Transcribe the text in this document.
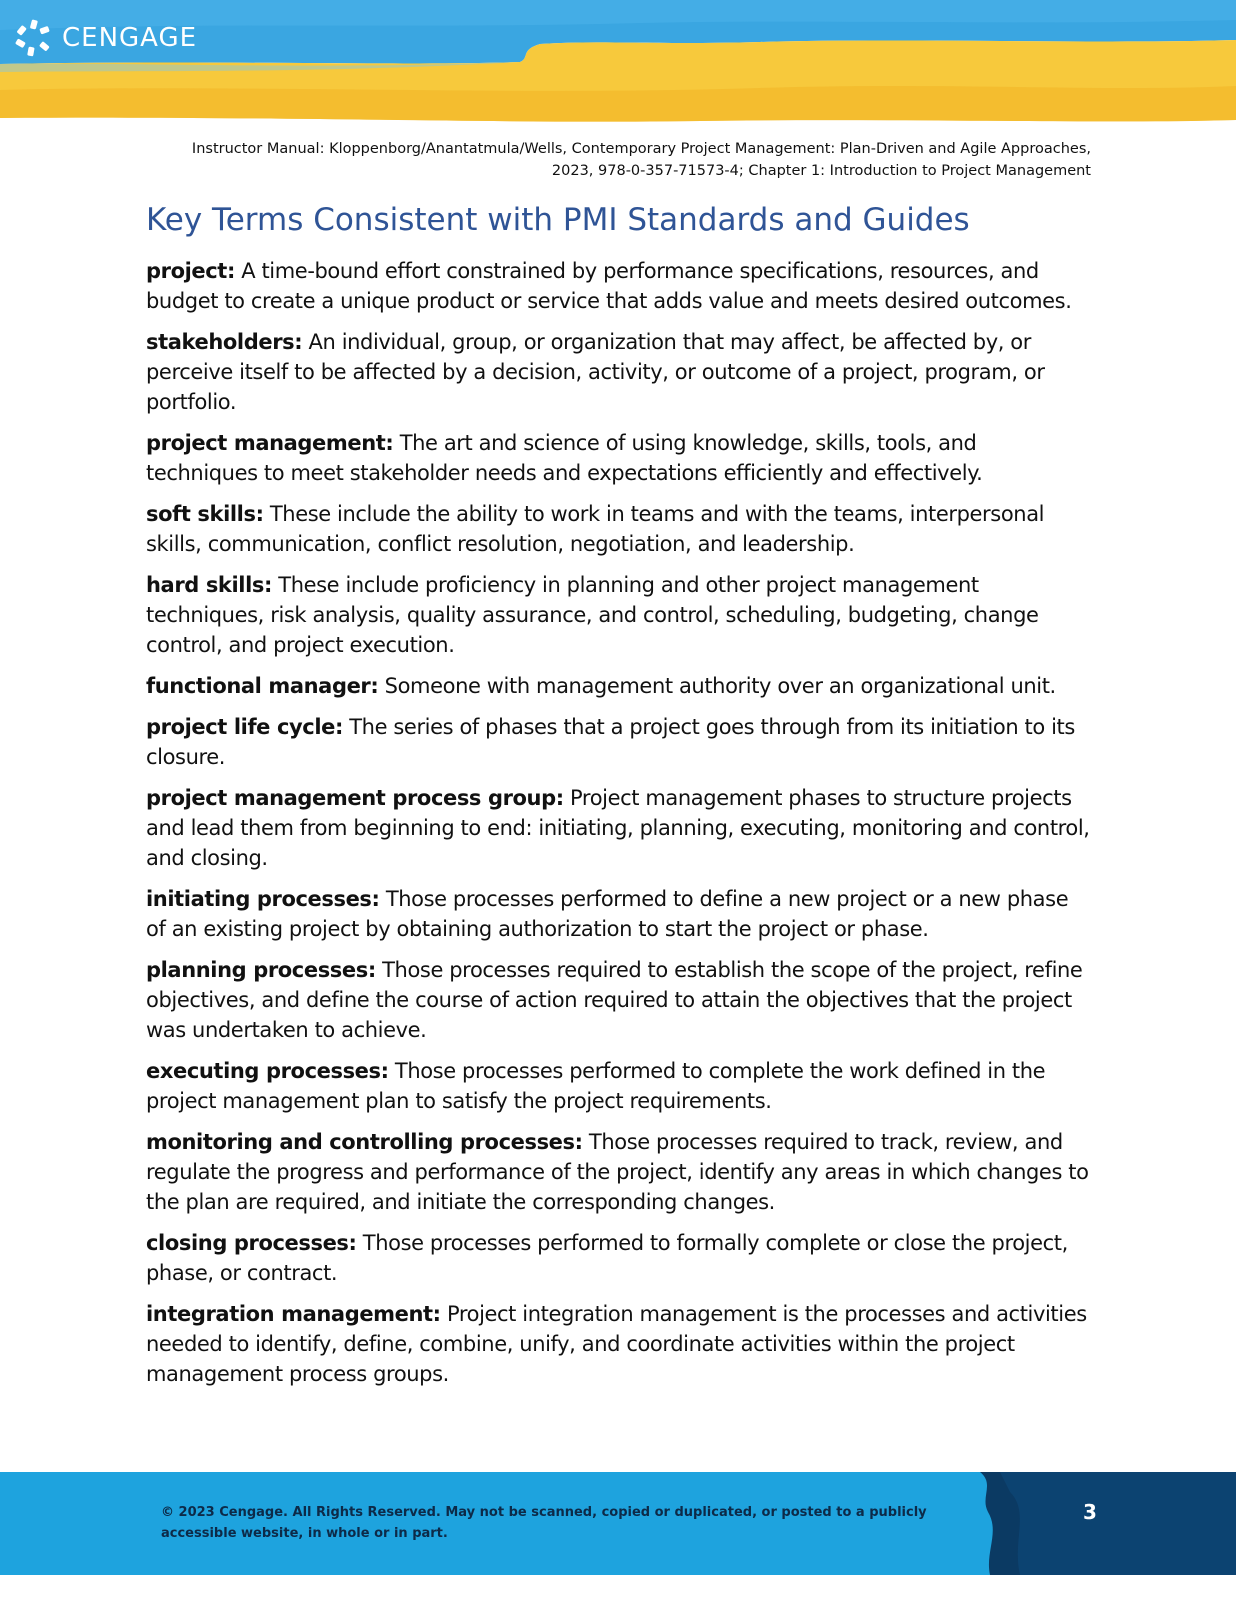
CENGAGE
Instructor Manual: Kloppenborg/Anantatmula/Wells, Contemporary Project Management: Plan-Driven and Agile Approaches,
2023, 978-0-357-71573-4; Chapter 1: Introduction to Project Management
Key Terms Consistent with PMI Standards and Guides

project: A time-bound effort constrained by performance specifications, resources, and budget to create a unique product or service that adds value and meets desired outcomes.

stakeholders: An individual, group, or organization that may affect, be affected by, or perceive itself to be affected by a decision, activity, or outcome of a project, program, or portfolio.

project management: The art and science of using knowledge, skills, tools, and techniques to meet stakeholder needs and expectations efficiently and effectively.

soft skills: These include the ability to work in teams and with the teams, interpersonal skills, communication, conflict resolution, negotiation, and leadership.

hard skills: These include proficiency in planning and other project management techniques, risk analysis, quality assurance, and control, scheduling, budgeting, change control, and project execution.

functional manager: Someone with management authority over an organizational unit.

project life cycle: The series of phases that a project goes through from its initiation to its closure.

project management process group: Project management phases to structure projects and lead them from beginning to end: initiating, planning, executing, monitoring and control, and closing.

initiating processes: Those processes performed to define a new project or a new phase of an existing project by obtaining authorization to start the project or phase.

planning processes: Those processes required to establish the scope of the project, refine objectives, and define the course of action required to attain the objectives that the project was undertaken to achieve.

executing processes: Those processes performed to complete the work defined in the project management plan to satisfy the project requirements.

monitoring and controlling processes: Those processes required to track, review, and regulate the progress and performance of the project, identify any areas in which changes to the plan are required, and initiate the corresponding changes.

closing processes: Those processes performed to formally complete or close the project, phase, or contract.

integration management: Project integration management is the processes and activities needed to identify, define, combine, unify, and coordinate activities within the project management process groups.

© 2023 Cengage. All Rights Reserved. May not be scanned, copied or duplicated, or posted to a publicly accessible website, in whole or in part.
3
